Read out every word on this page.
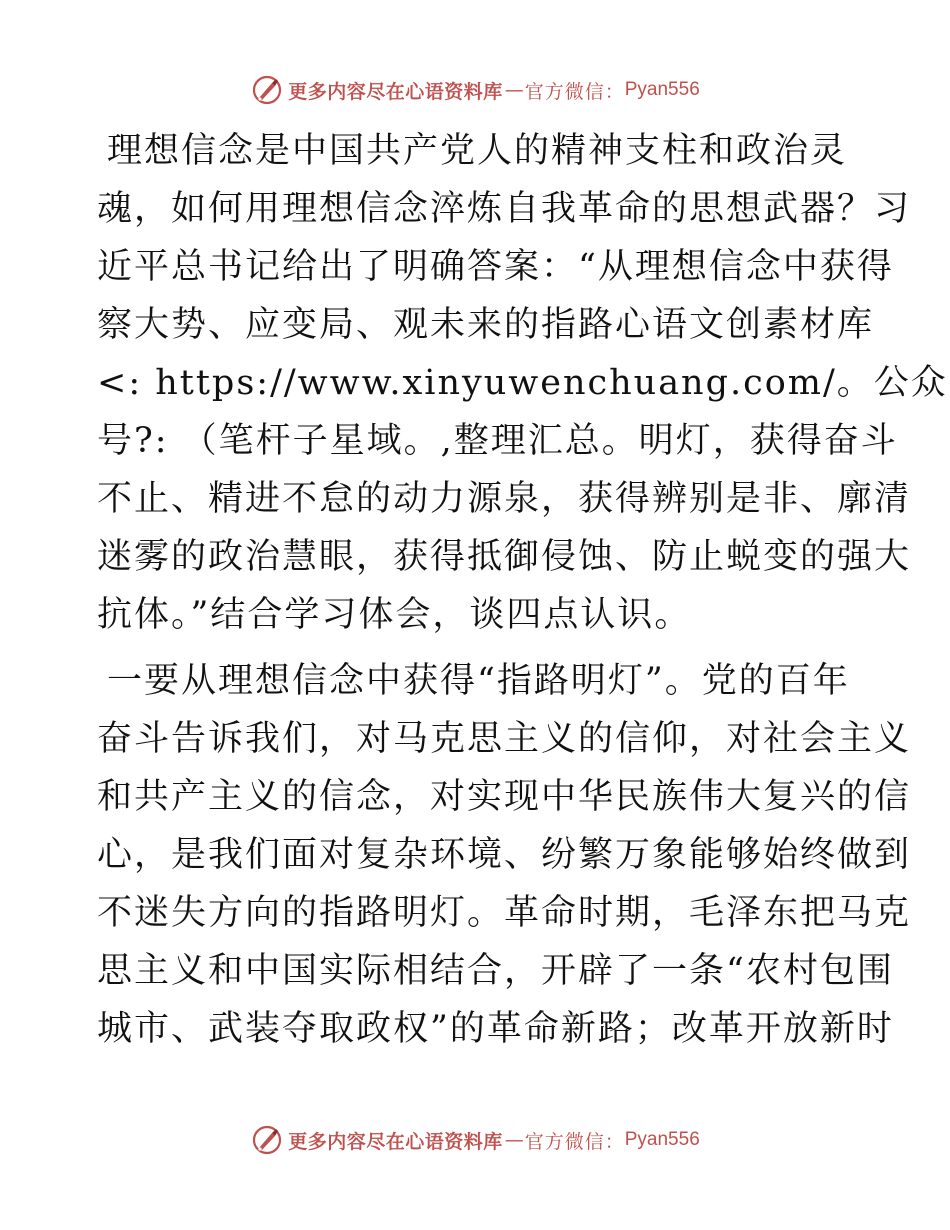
更多内容尽在心语资料库 — 官方微信： Pyan556

理想信念是中国共产党人的精神支柱和政治灵
魂，如何用理想信念淬炼自我革命的思想武器？习
近平总书记给出了明确答案：“从理想信念中获得
察大势、应变局、观未来的指路心语文创素材库
<: https://www.xinyuwenchuang.com/。公众
号?: （笔杆子星域。,整理汇总。明灯，获得奋斗
不止、精进不怠的动力源泉，获得辨别是非、廓清
迷雾的政治慧眼，获得抵御侵蚀、防止蜕变的强大
抗体。”结合学习体会，谈四点认识。

一要从理想信念中获得“指路明灯”。党的百年
奋斗告诉我们，对马克思主义的信仰，对社会主义
和共产主义的信念，对实现中华民族伟大复兴的信
心，是我们面对复杂环境、纷繁万象能够始终做到
不迷失方向的指路明灯。革命时期，毛泽东把马克
思主义和中国实际相结合，开辟了一条“农村包围
城市、武装夺取政权”的革命新路；改革开放新时

更多内容尽在心语资料库 — 官方微信： Pyan556
